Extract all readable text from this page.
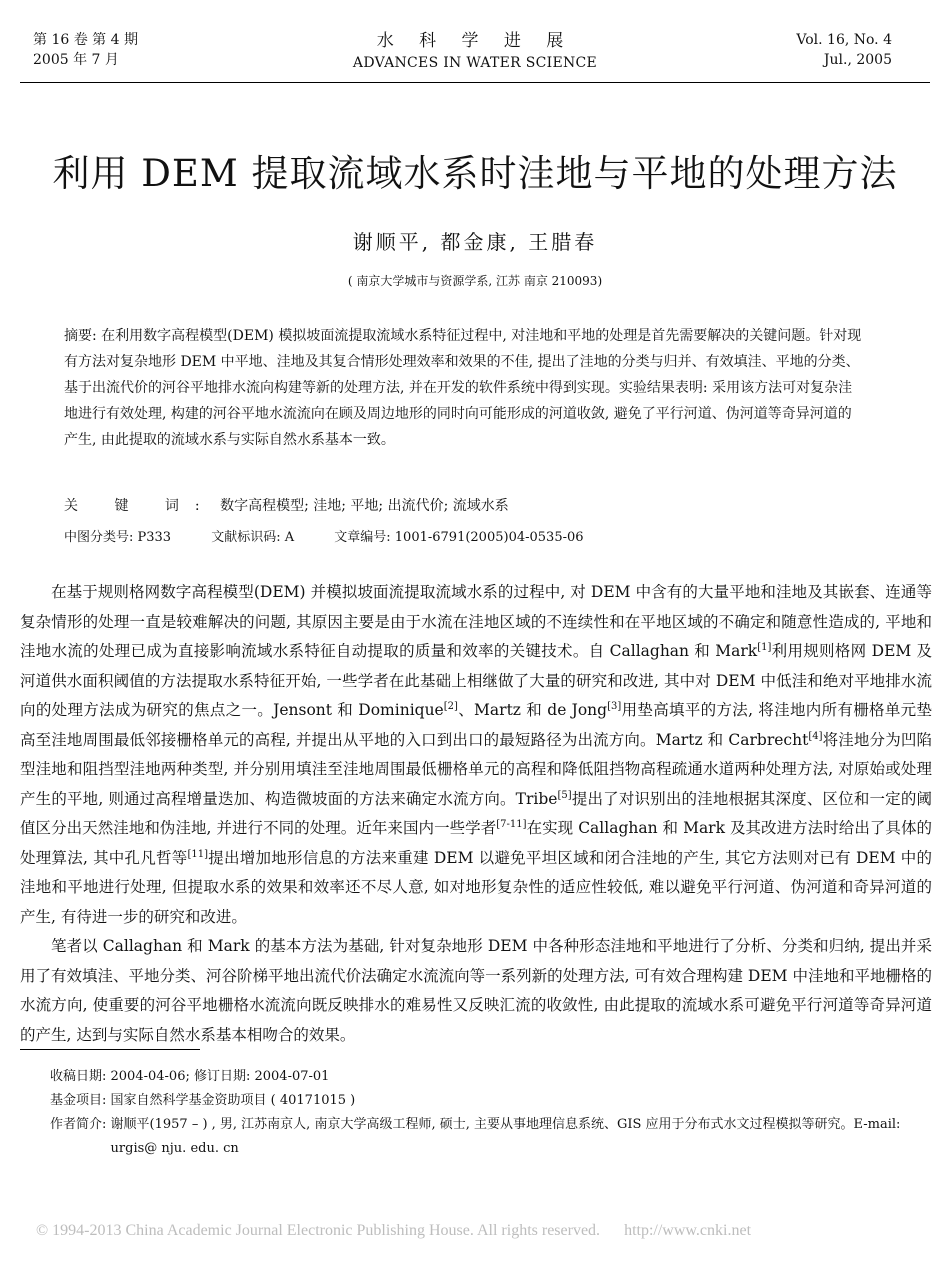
第 16 卷 第 4 期
2005 年 7 月
水 科 学 进 展
ADVANCES IN WATER SCIENCE
Vol. 16, No. 4
Jul., 2005
利用 DEM 提取流域水系时洼地与平地的处理方法
谢顺平, 都金康, 王腊春
( 南京大学城市与资源学系, 江苏 南京 210093)

摘要: 在利用数字高程模型(DEM) 模拟坡面流提取流域水系特征过程中, 对洼地和平地的处理是首先需要解决的关键问题。针对现有方法对复杂地形 DEM 中平地、洼地及其复合情形处理效率和效果的不佳, 提出了洼地的分类与归并、有效填洼、平地的分类、基于出流代价的河谷平地排水流向构建等新的处理方法, 并在开发的软件系统中得到实现。实验结果表明: 采用该方法可对复杂洼地进行有效处理, 构建的河谷平地水流流向在顾及周边地形的同时向可能形成的河道收敛, 避免了平行河道、伪河道等奇异河道的产生, 由此提取的流域水系与实际自然水系基本一致。

关 键 词: 数字高程模型; 洼地; 平地; 出流代价; 流域水系
中图分类号: P333	文献标识码: A	文章编号: 1001-6791(2005)04-0535-06

在基于规则格网数字高程模型(DEM) 并模拟坡面流提取流域水系的过程中, 对 DEM 中含有的大量平地和洼地及其嵌套、连通等复杂情形的处理一直是较难解决的问题, 其原因主要是由于水流在洼地区域的不连续性和在平地区域的不确定和随意性造成的, 平地和洼地水流的处理已成为直接影响流域水系特征自动提取的质量和效率的关键技术。自 Callaghan 和 Mark[1]利用规则格网 DEM 及河道供水面积阈值的方法提取水系特征开始, 一些学者在此基础上相继做了大量的研究和改进, 其中对 DEM 中低洼和绝对平地排水流向的处理方法成为研究的焦点之一。Jensont 和 Dominique[2]、Martz 和 de Jong[3]用垫高填平的方法, 将洼地内所有栅格单元垫高至洼地周围最低邻接栅格单元的高程, 并提出从平地的入口到出口的最短路径为出流方向。Martz 和 Carbrecht[4]将洼地分为凹陷型洼地和阻挡型洼地两种类型, 并分别用填洼至洼地周围最低栅格单元的高程和降低阻挡物高程疏通水道两种处理方法, 对原始或处理产生的平地, 则通过高程增量迭加、构造微坡面的方法来确定水流方向。Tribe[5]提出了对识别出的洼地根据其深度、区位和一定的阈值区分出天然洼地和伪洼地, 并进行不同的处理。近年来国内一些学者[7-11]在实现 Callaghan 和 Mark 及其改进方法时给出了具体的处理算法, 其中孔凡哲等[11]提出增加地形信息的方法来重建 DEM 以避免平坦区域和闭合洼地的产生, 其它方法则对已有 DEM 中的洼地和平地进行处理, 但提取水系的效果和效率还不尽人意, 如对地形复杂性的适应性较低, 难以避免平行河道、伪河道和奇异河道的产生, 有待进一步的研究和改进。

笔者以 Callaghan 和 Mark 的基本方法为基础, 针对复杂地形 DEM 中各种形态洼地和平地进行了分析、分类和归纳, 提出并采用了有效填洼、平地分类、河谷阶梯平地出流代价法确定水流流向等一系列新的处理方法, 可有效合理构建 DEM 中洼地和平地栅格的水流方向, 使重要的河谷平地栅格水流流向既反映排水的难易性又反映汇流的收敛性, 由此提取的流域水系可避免平行河道等奇异河道的产生, 达到与实际自然水系基本相吻合的效果。

收稿日期: 2004-04-06; 修订日期: 2004-07-01
基金项目:
国家自然科学基金资助项目 ( 40171015 )
作者简介:
谢顺平(1957 – ) , 男, 江苏南京人, 南京大学高级工程师, 硕士, 主要从事地理信息系统、GIS 应用于分布式水文过程模拟等研究。E-mail: urgis@ nju. edu. cn
© 1994-2013 China Academic Journal Electronic Publishing House. All rights reserved. http://www.cnki.net
